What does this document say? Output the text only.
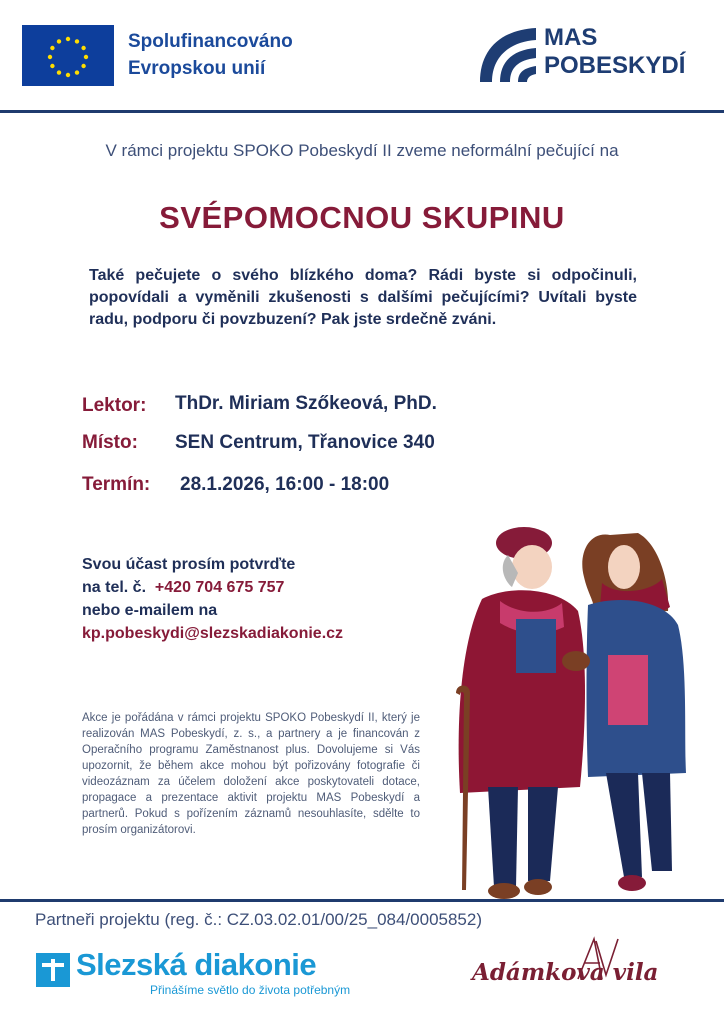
Spolufinancováno
Evropskou unií
MAS
POBESKYDÍ
V rámci projektu SPOKO Pobeskydí II zveme neformální pečující na
SVÉPOMOCNOU SKUPINU
Také pečujete o svého blízkého doma? Rádi byste si odpočinuli, popovídali a vyměnili zkušenosti s dalšími pečujícími? Uvítali byste radu, podporu či povzbuzení? Pak jste srdečně zváni.
Lektor: ThDr. Miriam Szőkeová, PhD.
Místo: SEN Centrum, Třanovice 340
Termín: 28.1.2026, 16:00 - 18:00
Svou účast prosím potvrďte
na tel. č. +420 704 675 757
nebo e-mailem na
kp.pobeskydi@slezskadiakonie.cz
Akce je pořádána v rámci projektu SPOKO Pobeskydí II, který je realizován MAS Pobeskydí, z. s., a partnery a je financován z Operačního programu Zaměstnanost plus. Dovolujeme si Vás upozornit, že během akce mohou být pořizovány fotografie či videozáznam za účelem doložení akce poskytovateli dotace, propagace a prezentace aktivit projektu MAS Pobeskydí a partnerů. Pokud s pořízením záznamů nesouhlasíte, sdělte to prosím organizátorovi.
Partneři projektu (reg. č.: CZ.03.02.01/00/25_084/0005852)
Slezská diakonie
Přinášíme světlo do života potřebným
Adámkova vila
